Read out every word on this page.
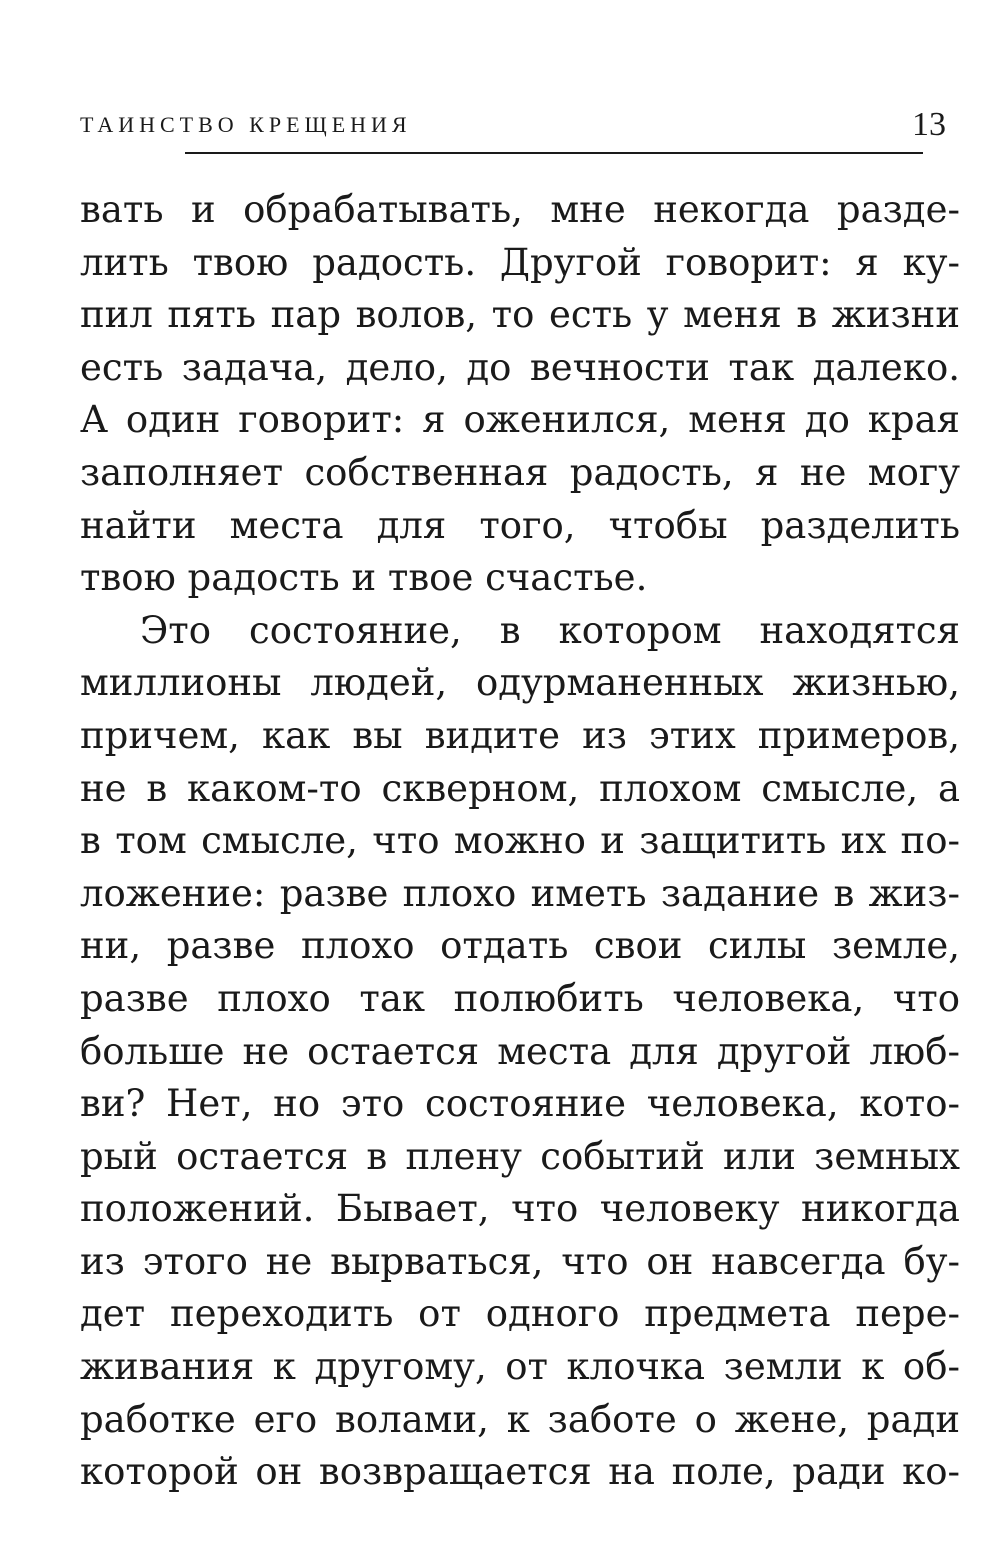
ТАИНСТВО КРЕЩЕНИЯ	13
вать и обрабатывать, мне некогда разде-
лить твою радость. Другой говорит: я ку-
пил пять пар волов, то есть у меня в жизни
есть задача, дело, до вечности так далеко.
А один говорит: я оженился, меня до края
заполняет собственная радость, я не могу
найти места для того, чтобы разделить
твою радость и твое счастье.
Это состояние, в котором находятся
миллионы людей, одурманенных жизнью,
причем, как вы видите из этих примеров,
не в каком-то скверном, плохом смысле, а
в том смысле, что можно и защитить их по-
ложение: разве плохо иметь задание в жиз-
ни, разве плохо отдать свои силы земле,
разве плохо так полюбить человека, что
больше не остается места для другой люб-
ви? Нет, но это состояние человека, кото-
рый остается в плену событий или земных
положений. Бывает, что человеку никогда
из этого не вырваться, что он навсегда бу-
дет переходить от одного предмета пере-
живания к другому, от клочка земли к об-
работке его волами, к заботе о жене, ради
которой он возвращается на поле, ради ко-
